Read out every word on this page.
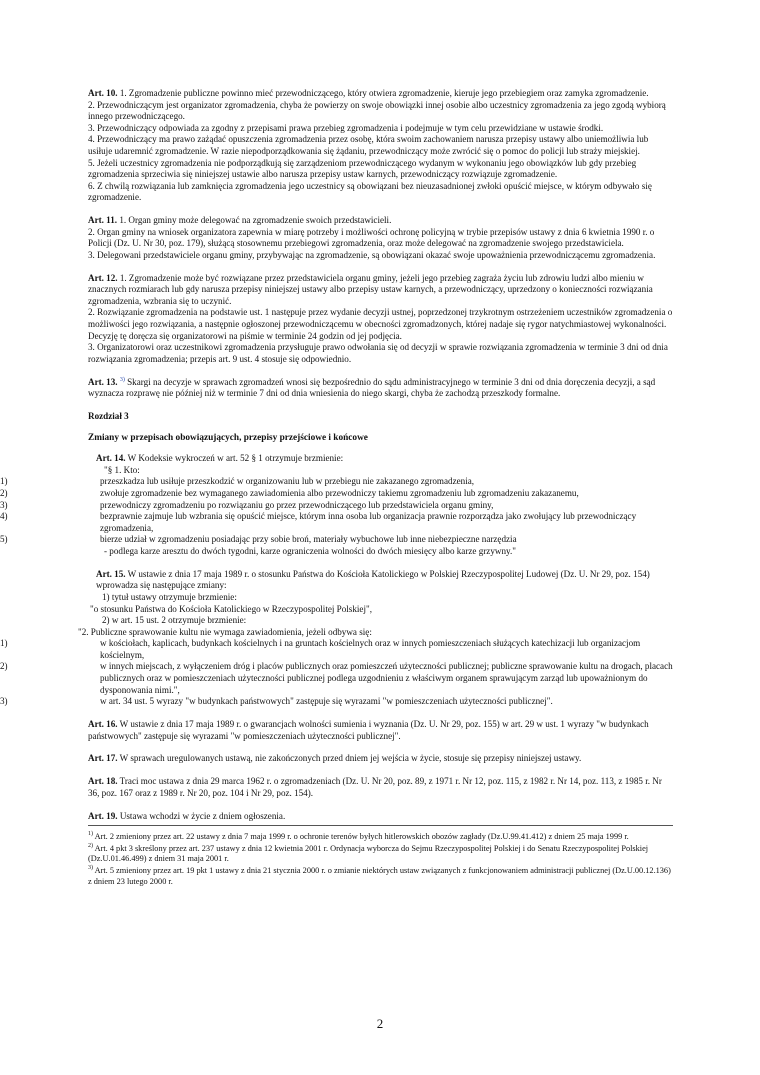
Art. 10. 1. Zgromadzenie publiczne powinno mieć przewodniczącego, który otwiera zgromadzenie, kieruje jego przebiegiem oraz zamyka zgromadzenie.

2. Przewodniczącym jest organizator zgromadzenia, chyba że powierzy on swoje obowiązki innej osobie albo uczestnicy zgromadzenia za jego zgodą wybiorą innego przewodniczącego.

3. Przewodniczący odpowiada za zgodny z przepisami prawa przebieg zgromadzenia i podejmuje w tym celu przewidziane w ustawie środki.

4. Przewodniczący ma prawo zażądać opuszczenia zgromadzenia przez osobę, która swoim zachowaniem narusza przepisy ustawy albo uniemożliwia lub usiłuje udaremnić zgromadzenie. W razie niepodporządkowania się żądaniu, przewodniczący może zwrócić się o pomoc do policji lub straży miejskiej.

5. Jeżeli uczestnicy zgromadzenia nie podporządkują się zarządzeniom przewodniczącego wydanym w wykonaniu jego obowiązków lub gdy przebieg zgromadzenia sprzeciwia się niniejszej ustawie albo narusza przepisy ustaw karnych, przewodniczący rozwiązuje zgromadzenie.

6. Z chwilą rozwiązania lub zamknięcia zgromadzenia jego uczestnicy są obowiązani bez nieuzasadnionej zwłoki opuścić miejsce, w którym odbywało się zgromadzenie.

Art. 11. 1. Organ gminy może delegować na zgromadzenie swoich przedstawicieli.

2. Organ gminy na wniosek organizatora zapewnia w miarę potrzeby i możliwości ochronę policyjną w trybie przepisów ustawy z dnia 6 kwietnia 1990 r. o Policji (Dz. U. Nr 30, poz. 179), służącą stosownemu przebiegowi zgromadzenia, oraz może delegować na zgromadzenie swojego przedstawiciela.

3. Delegowani przedstawiciele organu gminy, przybywając na zgromadzenie, są obowiązani okazać swoje upoważnienia przewodniczącemu zgromadzenia.

Art. 12. 1. Zgromadzenie może być rozwiązane przez przedstawiciela organu gminy, jeżeli jego przebieg zagraża życiu lub zdrowiu ludzi albo mieniu w znacznych rozmiarach lub gdy narusza przepisy niniejszej ustawy albo przepisy ustaw karnych, a przewodniczący, uprzedzony o konieczności rozwiązania zgromadzenia, wzbrania się to uczynić.

2. Rozwiązanie zgromadzenia na podstawie ust. 1 następuje przez wydanie decyzji ustnej, poprzedzonej trzykrotnym ostrzeżeniem uczestników zgromadzenia o możliwości jego rozwiązania, a następnie ogłoszonej przewodniczącemu w obecności zgromadzonych, której nadaje się rygor natychmiastowej wykonalności. Decyzję tę doręcza się organizatorowi na piśmie w terminie 24 godzin od jej podjęcia.

3. Organizatorowi oraz uczestnikowi zgromadzenia przysługuje prawo odwołania się od decyzji w sprawie rozwiązania zgromadzenia w terminie 3 dni od dnia rozwiązania zgromadzenia; przepis art. 9 ust. 4 stosuje się odpowiednio.

Art. 13. $^{3)}$ Skargi na decyzje w sprawach zgromadzeń wnosi się bezpośrednio do sądu administracyjnego w terminie 3 dni od dnia doręczenia decyzji, a sąd wyznacza rozprawę nie później niż w terminie 7 dni od dnia wniesienia do niego skargi, chyba że zachodzą przeszkody formalne.

Rozdział 3
Zmiany w przepisach obowiązujących, przepisy przejściowe i końcowe

Art. 14. W Kodeksie wykroczeń w art. 52 § 1 otrzymuje brzmienie:

"§ 1. Kto:

1)	przeszkadza lub usiłuje przeszkodzić w organizowaniu lub w przebiegu nie zakazanego zgromadzenia,
2)	zwołuje zgromadzenie bez wymaganego zawiadomienia albo przewodniczy takiemu zgromadzeniu lub zgromadzeniu zakazanemu,
3)	przewodniczy zgromadzeniu po rozwiązaniu go przez przewodniczącego lub przedstawiciela organu gminy,
4)	bezprawnie zajmuje lub wzbrania się opuścić miejsce, którym inna osoba lub organizacja prawnie rozporządza jako zwołujący lub przewodniczący zgromadzenia,
5)	bierze udział w zgromadzeniu posiadając przy sobie broń, materiały wybuchowe lub inne niebezpieczne narzędzia

- podlega karze aresztu do dwóch tygodni, karze ograniczenia wolności do dwóch miesięcy albo karze grzywny."

Art. 15. W ustawie z dnia 17 maja 1989 r. o stosunku Państwa do Kościoła Katolickiego w Polskiej Rzeczypospolitej Ludowej (Dz. U. Nr 29, poz. 154) wprowadza się następujące zmiany:

1) tytuł ustawy otrzymuje brzmienie:

"o stosunku Państwa do Kościoła Katolickiego w Rzeczypospolitej Polskiej",

2) w art. 15 ust. 2 otrzymuje brzmienie:

"2. Publiczne sprawowanie kultu nie wymaga zawiadomienia, jeżeli odbywa się:

1)	w kościołach, kaplicach, budynkach kościelnych i na gruntach kościelnych oraz w innych pomieszczeniach służących katechizacji lub organizacjom kościelnym,
2)	w innych miejscach, z wyłączeniem dróg i placów publicznych oraz pomieszczeń użyteczności publicznej; publiczne sprawowanie kultu na drogach, placach publicznych oraz w pomieszczeniach użyteczności publicznej podlega uzgodnieniu z właściwym organem sprawującym zarząd lub upoważnionym do dysponowania nimi.",
3)	w art. 34 ust. 5 wyrazy "w budynkach państwowych" zastępuje się wyrazami "w pomieszczeniach użyteczności publicznej".

Art. 16. W ustawie z dnia 17 maja 1989 r. o gwarancjach wolności sumienia i wyznania (Dz. U. Nr 29, poz. 155) w art. 29 w ust. 1 wyrazy "w budynkach państwowych" zastępuje się wyrazami "w pomieszczeniach użyteczności publicznej".

Art. 17. W sprawach uregulowanych ustawą, nie zakończonych przed dniem jej wejścia w życie, stosuje się przepisy niniejszej ustawy.

Art. 18. Traci moc ustawa z dnia 29 marca 1962 r. o zgromadzeniach (Dz. U. Nr 20, poz. 89, z 1971 r. Nr 12, poz. 115, z 1982 r. Nr 14, poz. 113, z 1985 r. Nr 36, poz. 167 oraz z 1989 r. Nr 20, poz. 104 i Nr 29, poz. 154).

Art. 19. Ustawa wchodzi w życie z dniem ogłoszenia.

$^{1)}$ Art. 2 zmieniony przez art. 22 ustawy z dnia 7 maja 1999 r. o ochronie terenów byłych hitlerowskich obozów zagłady (Dz.U.99.41.412) z dniem 25 maja 1999 r.

$^{2)}$ Art. 4 pkt 3 skreślony przez art. 237 ustawy z dnia 12 kwietnia 2001 r. Ordynacja wyborcza do Sejmu Rzeczypospolitej Polskiej i do Senatu Rzeczypospolitej Polskiej (Dz.U.01.46.499) z dniem 31 maja 2001 r.

$^{3)}$ Art. 5 zmieniony przez art. 19 pkt 1 ustawy z dnia 21 stycznia 2000 r. o zmianie niektórych ustaw związanych z funkcjonowaniem administracji publicznej (Dz.U.00.12.136) z dniem 23 lutego 2000 r.

2
